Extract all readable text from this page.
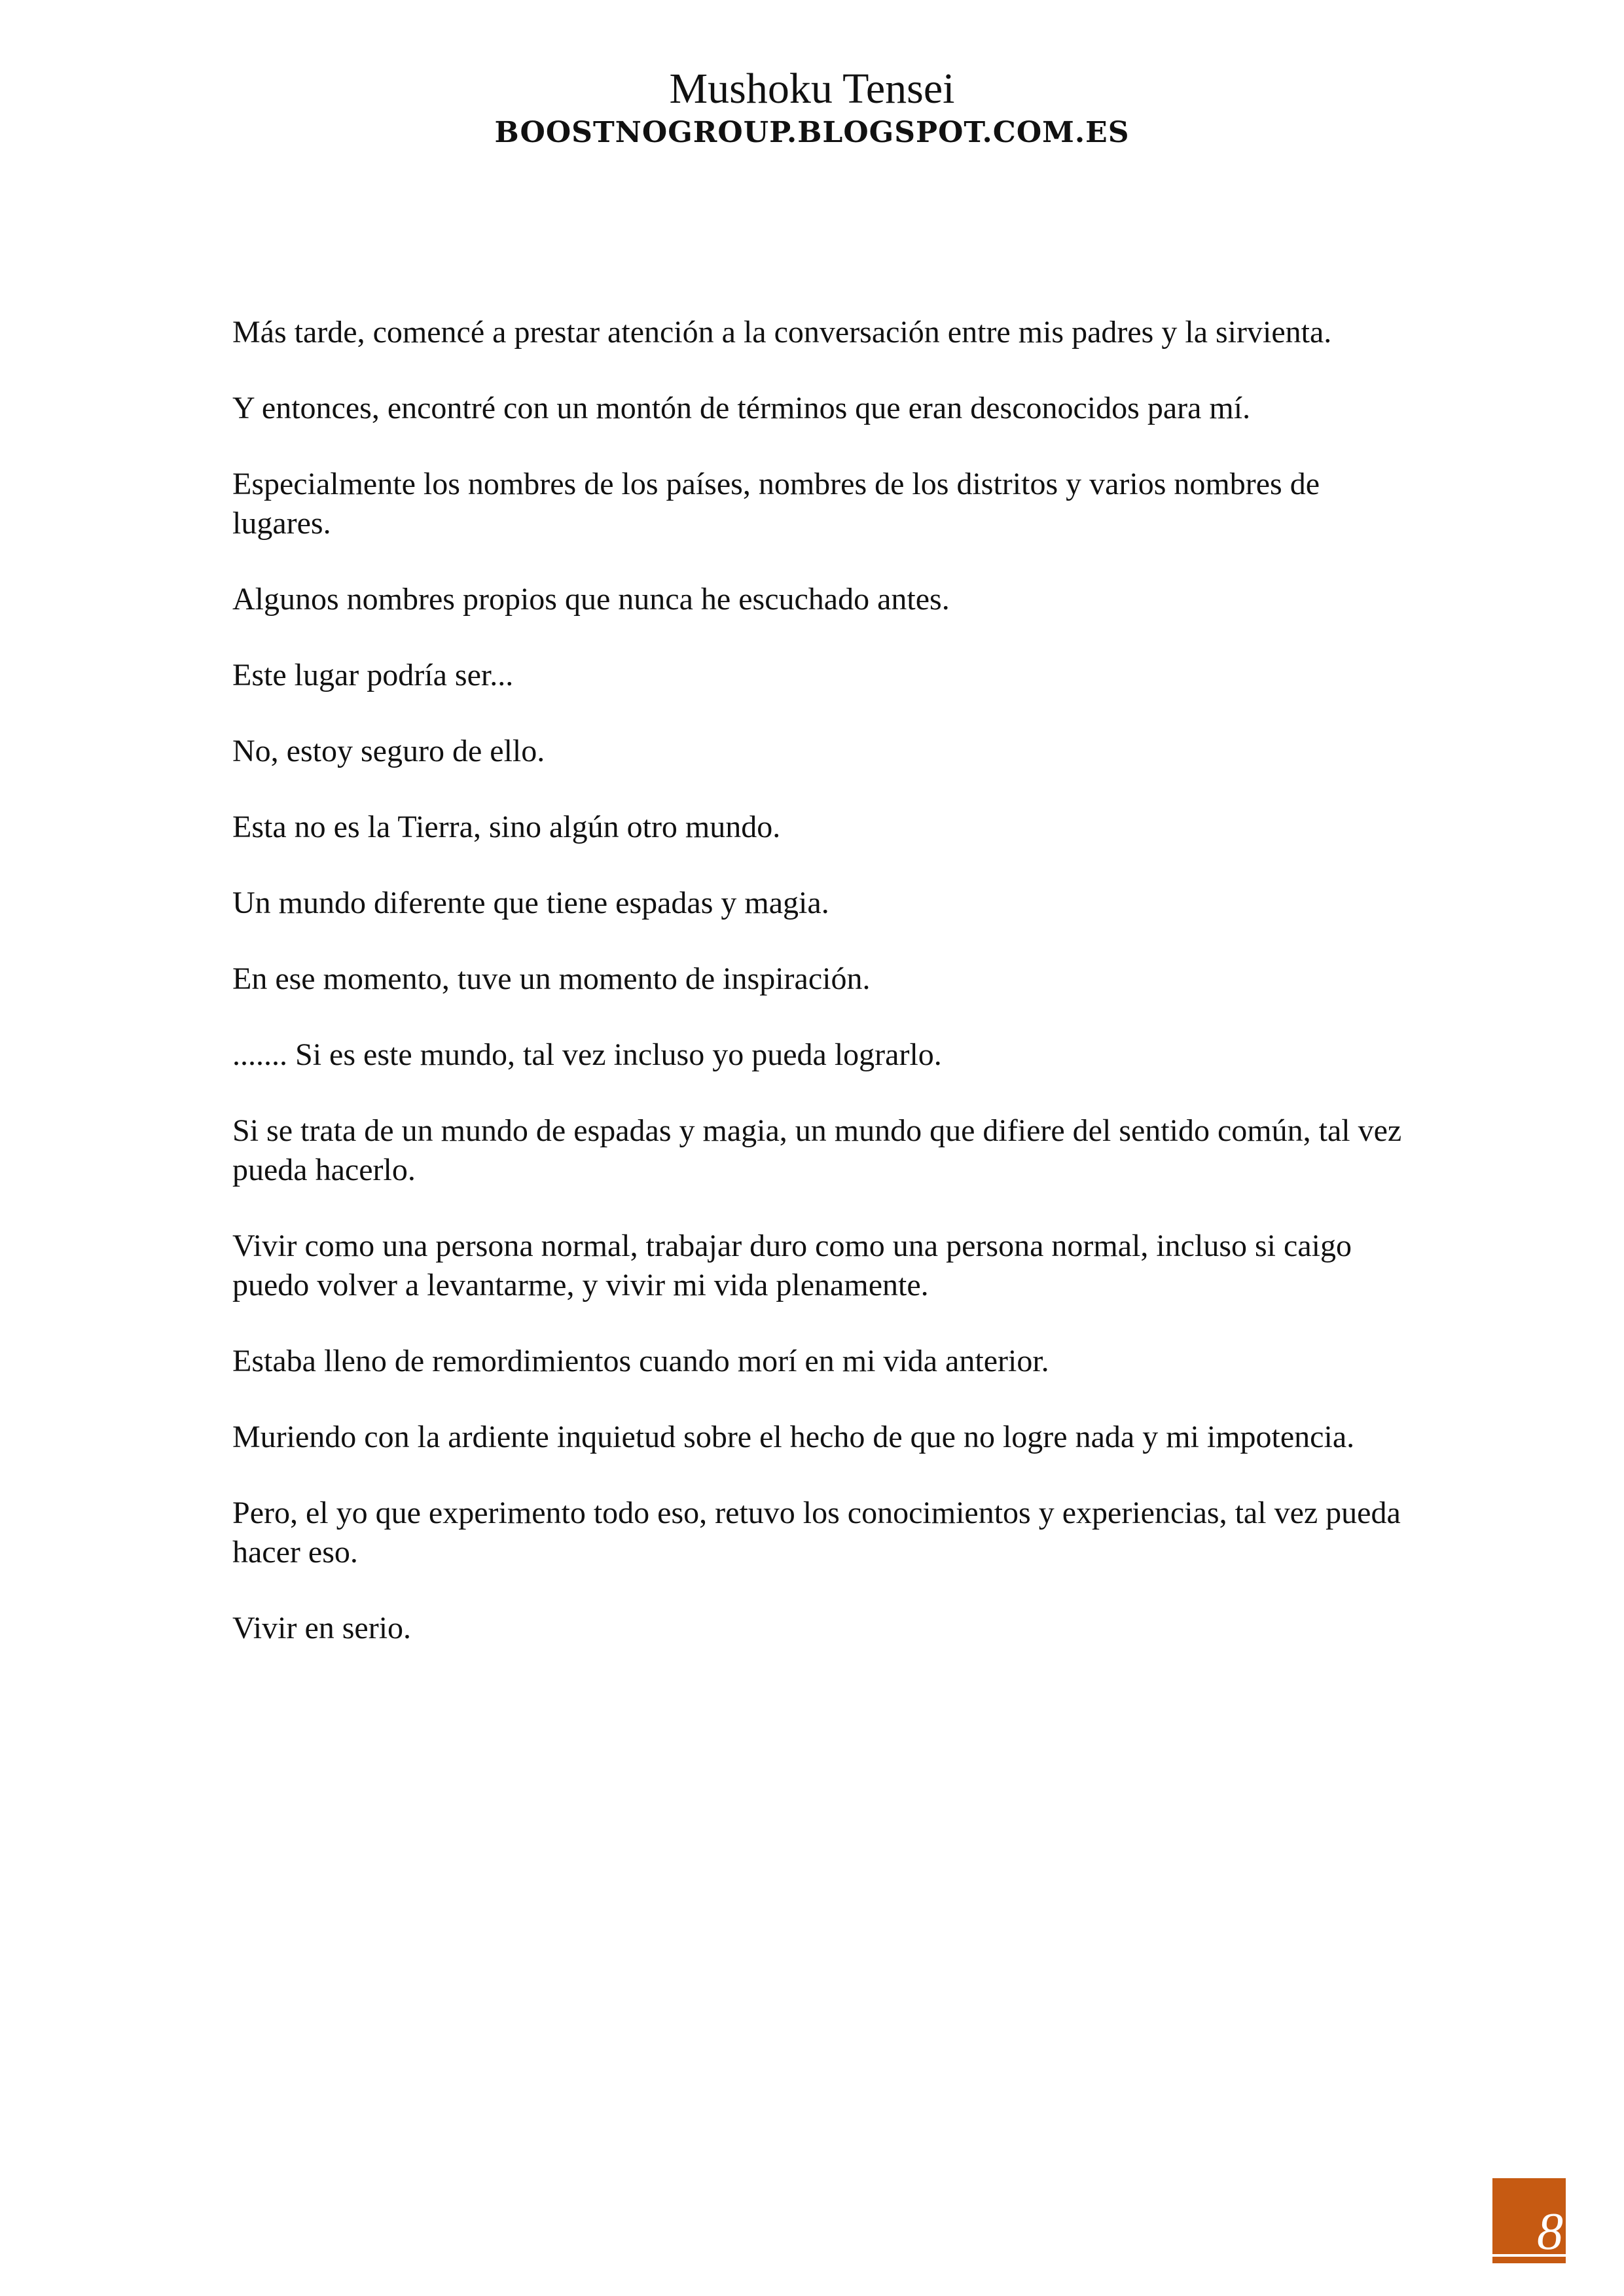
Mushoku Tensei
BOOSTNOGROUP.BLOGSPOT.COM.ES

Más tarde, comencé a prestar atención a la conversación entre mis padres y la sirvienta.

Y entonces, encontré con un montón de términos que eran desconocidos para mí.

Especialmente los nombres de los países, nombres de los distritos y varios nombres de lugares.

Algunos nombres propios que nunca he escuchado antes.

Este lugar podría ser...

No, estoy seguro de ello.

Esta no es la Tierra, sino algún otro mundo.

Un mundo diferente que tiene espadas y magia.

En ese momento, tuve un momento de inspiración.

....... Si es este mundo, tal vez incluso yo pueda lograrlo.

Si se trata de un mundo de espadas y magia, un mundo que difiere del sentido común, tal vez pueda hacerlo.

Vivir como una persona normal, trabajar duro como una persona normal, incluso si caigo puedo volver a levantarme, y vivir mi vida plenamente.

Estaba lleno de remordimientos cuando morí en mi vida anterior.

Muriendo con la ardiente inquietud sobre el hecho de que no logre nada y mi impotencia.

Pero, el yo que experimento todo eso, retuvo los conocimientos y experiencias, tal vez pueda hacer eso.

Vivir en serio.

8
